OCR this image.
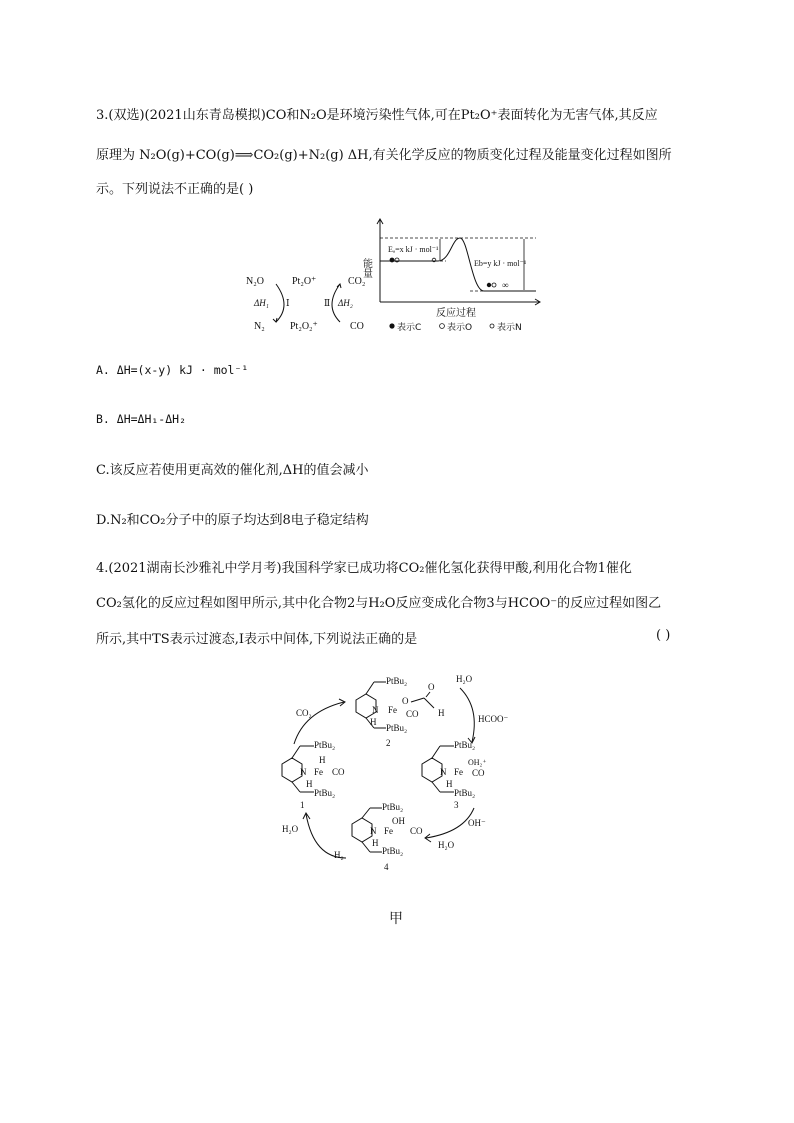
3.(双选)(2021山东青岛模拟)CO和N₂O是环境污染性气体,可在Pt₂O⁺表面转化为无害气体,其反应
原理为 N₂O(g)+CO(g)⟹CO₂(g)+N₂(g) ΔH,有关化学反应的物质变化过程及能量变化过程如图所
示。下列说法不正确的是( )
N₂O	Pt₂O⁺	CO₂
ΔH₁ Ⅰ	Ⅱ ΔH₂
N₂	Pt₂O₂⁺	CO
能量
Eₐ=x kJ · mol⁻¹
Eb=y kJ · mol⁻¹
∞
反应过程
表示C	表示O	表示N
A. ΔH=(x-y) kJ · mol⁻¹
B. ΔH=ΔH₁-ΔH₂
C.该反应若使用更高效的催化剂,ΔH的值会减小
D.N₂和CO₂分子中的原子均达到8电子稳定结构
4.(2021湖南长沙雅礼中学月考)我国科学家已成功将CO₂催化氢化获得甲酸,利用化合物1催化
CO₂氢化的反应过程如图甲所示,其中化合物2与H₂O反应变成化合物3与HCOO⁻的反应过程如图乙
所示,其中TS表示过渡态,Ⅰ表示中间体,下列说法正确的是	( )
PtBu₂
N
H
Fe
O
CO
O
H
PtBu₂
2
PtBu₂
N Fe
H
CO
H
PtBu₂
1
PtBu₂
N Fe
OH₂⁺
CO
H
PtBu₂
3
PtBu₂
N Fe
OH
CO
H
PtBu₂
4
CO₂
H₂O
HCOO⁻
OH⁻
H₂O
H₂O
H₂
甲
